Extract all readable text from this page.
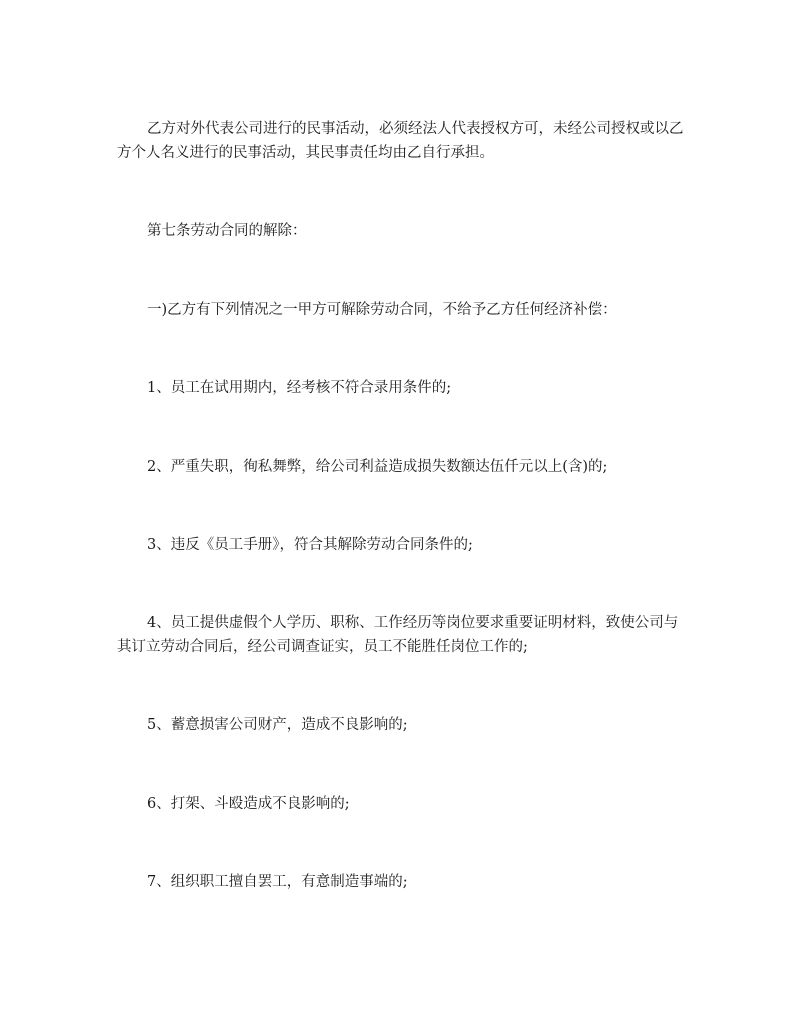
乙方对外代表公司进行的民事活动，必须经法人代表授权方可，未经公司授权或以乙方个人名义进行的民事活动，其民事责任均由乙自行承担。

第七条劳动合同的解除：

一)乙方有下列情况之一甲方可解除劳动合同，不给予乙方任何经济补偿：

1、员工在试用期内，经考核不符合录用条件的;

2、严重失职，徇私舞弊，给公司利益造成损失数额达伍仟元以上(含)的;

3、违反《员工手册》，符合其解除劳动合同条件的;

4、员工提供虚假个人学历、职称、工作经历等岗位要求重要证明材料，致使公司与其订立劳动合同后，经公司调查证实，员工不能胜任岗位工作的;

5、蓄意损害公司财产，造成不良影响的;

6、打架、斗殴造成不良影响的;

7、组织职工擅自罢工，有意制造事端的;
